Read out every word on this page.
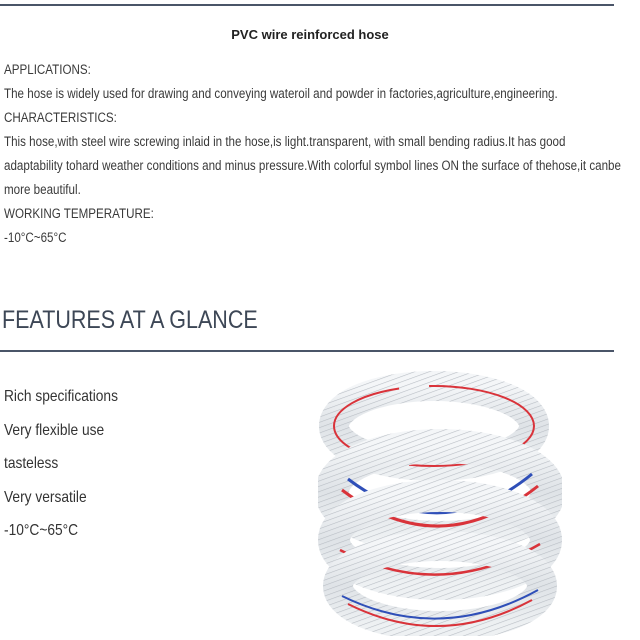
PVC wire reinforced hose

APPLICATIONS:

The hose is widely used for drawing and conveying wateroil and powder in factories,agriculture,engineering.

CHARACTERISTICS:

This hose,with steel wire screwing inlaid in the hose,is light.transparent, with small bending radius.It has good adaptability tohard weather conditions and minus pressure.With colorful symbol lines ON the surface of thehose,it canbe more beautiful.

WORKING TEMPERATURE:

-10°C~65°C

FEATURES AT A GLANCE
Rich specifications
Very flexible use
tasteless
Very versatile
-10°C~65°C
